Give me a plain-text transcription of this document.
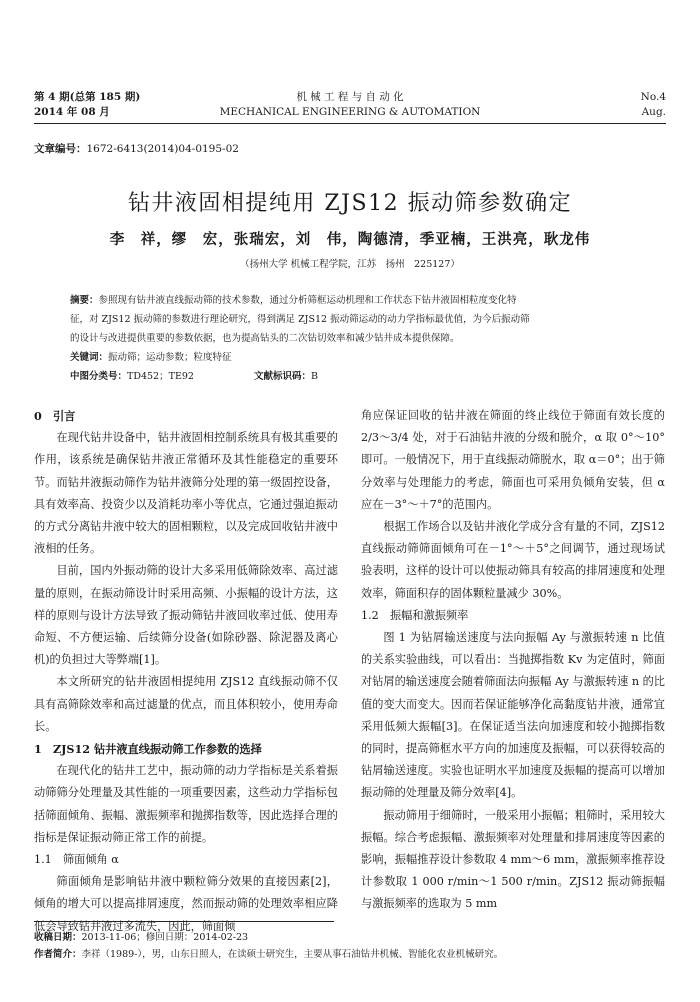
第 4 期(总第 185 期)
2014 年 08 月
机 械 工 程 与 自 动 化
MECHANICAL ENGINEERING & AUTOMATION
No.4
Aug.
文章编号：1672-6413(2014)04-0195-02
钻井液固相提纯用 ZJS12 振动筛参数确定
李　祥，缪　宏，张瑞宏，刘　伟，陶德清，季亚楠，王洪亮，耿龙伟
（扬州大学 机械工程学院，江苏　扬州　225127）
摘要：参照现有钻井液直线振动筛的技术参数，通过分析筛框运动机理和工作状态下钻井液固相粒度变化特
征，对 ZJS12 振动筛的参数进行理论研究，得到满足 ZJS12 振动筛运动的动力学指标最优值，为今后振动筛
的设计与改进提供重要的参数依据，也为提高钻头的二次钻切效率和减少钻井成本提供保障。
关键词：振动筛；运动参数；粒度特征
中图分类号：TD452；TE92	文献标识码：B
0　引言

在现代钻井设备中，钻井液固相控制系统具有极其重要的作用，该系统是确保钻井液正常循环及其性能稳定的重要环节。而钻井液振动筛作为钻井液筛分处理的第一级固控设备，具有效率高、投资少以及消耗功率小等优点，它通过强迫振动的方式分离钻井液中较大的固相颗粒，以及完成回收钻井液中液相的任务。

目前，国内外振动筛的设计大多采用低筛除效率、高过滤量的原则，在振动筛设计时采用高频、小振幅的设计方法，这样的原则与设计方法导致了振动筛钻井液回收率过低、使用寿命短、不方便运输、后续筛分设备(如除砂器、除泥器及离心机)的负担过大等弊端[1]。

本文所研究的钻井液固相提纯用 ZJS12 直线振动筛不仅具有高筛除效率和高过滤量的优点，而且体积较小，使用寿命长。

1　ZJS12 钻井液直线振动筛工作参数的选择

在现代化的钻井工艺中，振动筛的动力学指标是关系着振动筛筛分处理量及其性能的一项重要因素，这些动力学指标包括筛面倾角、振幅、激振频率和抛掷指数等，因此选择合理的指标是保证振动筛正常工作的前提。

1.1　筛面倾角 α

筛面倾角是影响钻井液中颗粒筛分效果的直接因素[2]，倾角的增大可以提高排屑速度，然而振动筛的处理效率相应降低会导致钻井液过多流失，因此，筛面倾

角应保证回收的钻井液在筛面的终止线位于筛面有效长度的 2/3～3/4 处，对于石油钻井液的分级和脱介，α 取 0°～10°即可。一般情况下，用于直线振动筛脱水，取 α＝0°；出于筛分效率与处理能力的考虑，筛面也可采用负倾角安装，但 α 应在－3°～＋7°的范围内。

根据工作场合以及钻井液化学成分含有量的不同，ZJS12 直线振动筛筛面倾角可在－1°～＋5°之间调节，通过现场试验表明，这样的设计可以使振动筛具有较高的排屑速度和处理效率，筛面积存的固体颗粒量减少 30%。

1.2　振幅和激振频率

图 1 为钻屑输送速度与法向振幅 Ay 与激振转速 n 比值的关系实验曲线，可以看出：当抛掷指数 Kv 为定值时，筛面对钻屑的输送速度会随着筛面法向振幅 Ay 与激振转速 n 的比值的变大而变大。因而若保证能够净化高黏度钻井液，通常宜采用低频大振幅[3]。在保证适当法向加速度和较小抛掷指数的同时，提高筛框水平方向的加速度及振幅，可以获得较高的钻屑输送速度。实验也证明水平加速度及振幅的提高可以增加振动筛的处理量及筛分效率[4]。

振动筛用于细筛时，一般采用小振幅；粗筛时，采用较大振幅。综合考虑振幅、激振频率对处理量和排屑速度等因素的影响，振幅推荐设计参数取 4 mm～6 mm，激振频率推荐设计参数取 1 000 r/min～1 500 r/min。ZJS12 振动筛振幅与激振频率的选取为 5 mm

收稿日期：2013-11-06；修回日期：2014-02-23
作者简介：李祥（1989-），男，山东日照人，在读硕士研究生，主要从事石油钻井机械、智能化农业机械研究。
